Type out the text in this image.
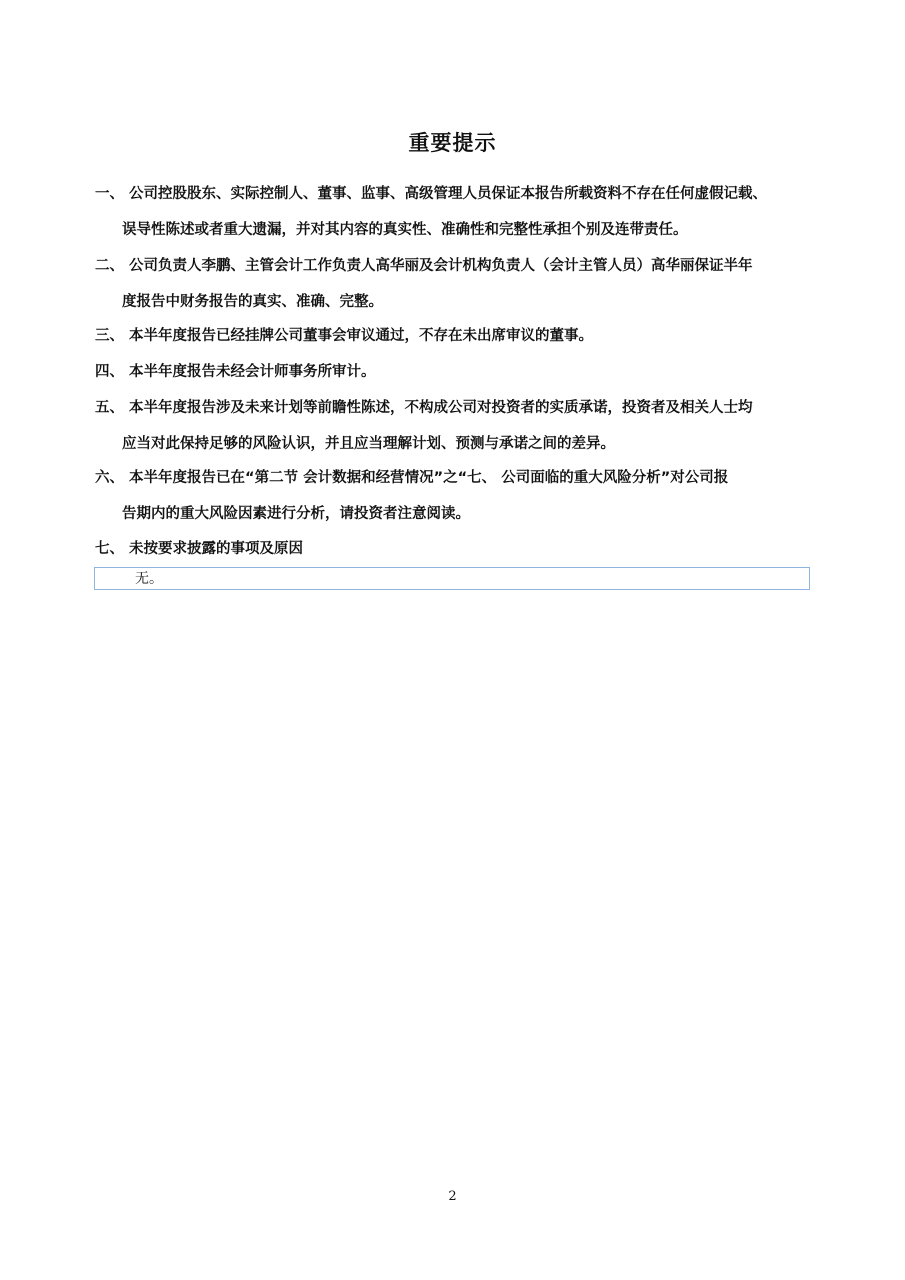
重要提示
一、 公司控股股东、实际控制人、董事、监事、高级管理人员保证本报告所载资料不存在任何虚假记载、
误导性陈述或者重大遗漏，并对其内容的真实性、准确性和完整性承担个别及连带责任。
二、 公司负责人李鹏、主管会计工作负责人高华丽及会计机构负责人（会计主管人员）高华丽保证半年
度报告中财务报告的真实、准确、完整。
三、 本半年度报告已经挂牌公司董事会审议通过，不存在未出席审议的董事。
四、 本半年度报告未经会计师事务所审计。
五、 本半年度报告涉及未来计划等前瞻性陈述，不构成公司对投资者的实质承诺，投资者及相关人士均
应当对此保持足够的风险认识，并且应当理解计划、预测与承诺之间的差异。
六、 本半年度报告已在“第二节 会计数据和经营情况”之“七、 公司面临的重大风险分析”对公司报
告期内的重大风险因素进行分析，请投资者注意阅读。
七、 未按要求披露的事项及原因
无。
2
